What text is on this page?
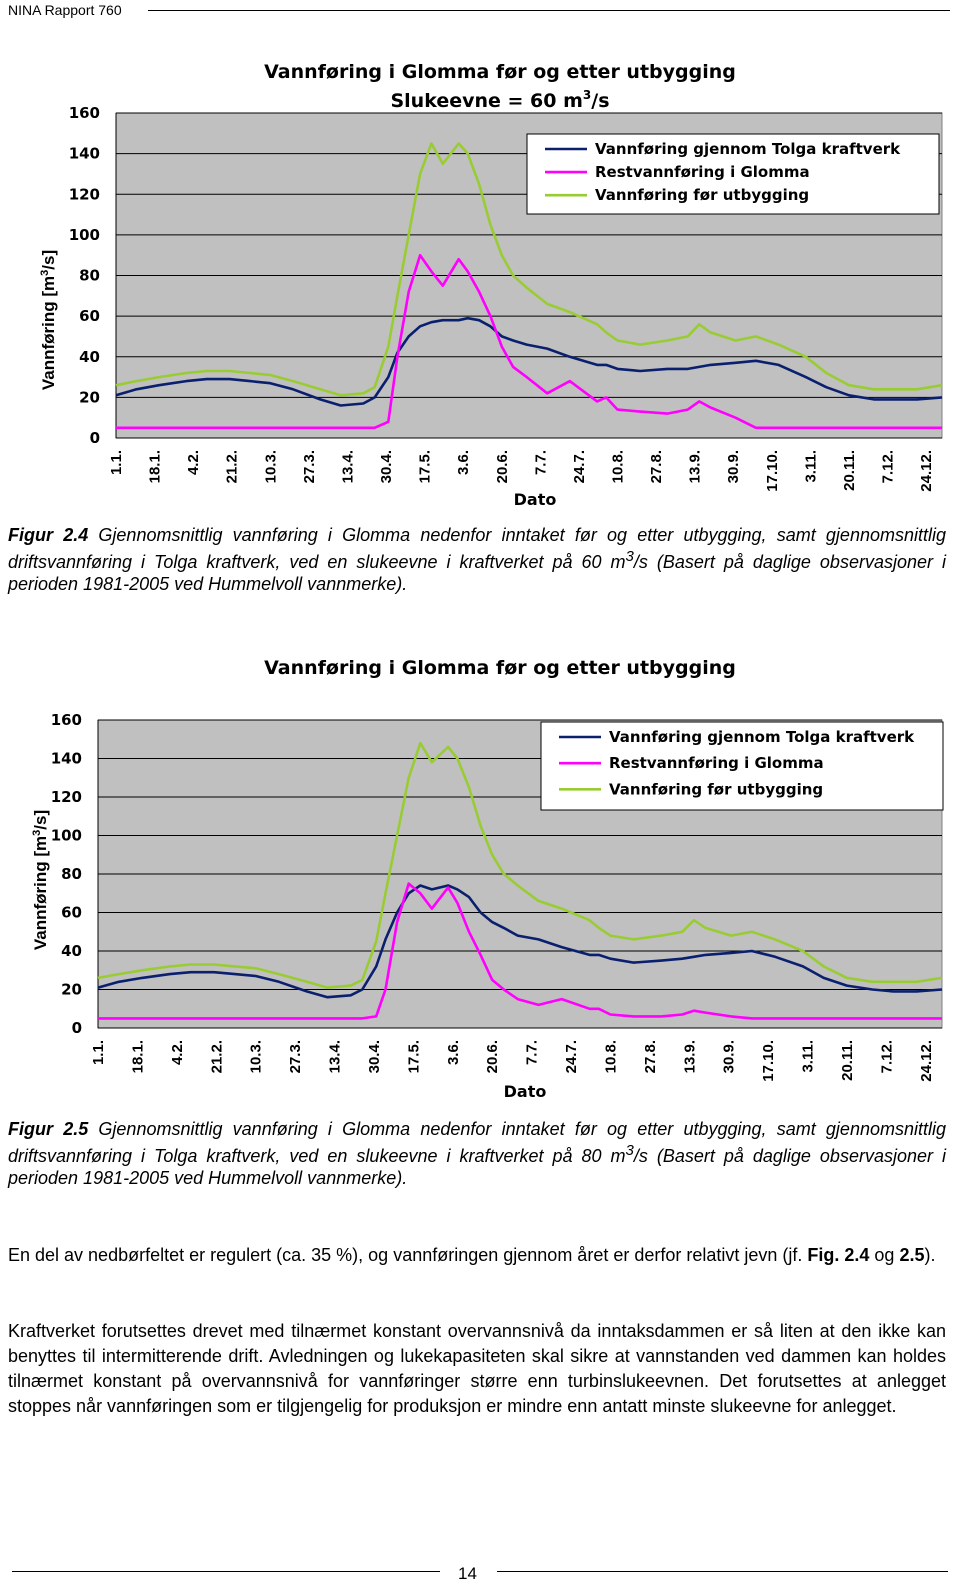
NINA Rapport 760
Vannføring i Glomma før og etter utbygging
Slukeevne = 60 $m^3/s$
Vannføring $[m^3/s]$
Dato
0
20
40
60
80
100
120
140
160
1.1. 18.1. 4.2. 21.2. 10.3. 27.3. 13.4. 30.4. 17.5. 3.6. 20.6. 7.7. 24.7. 10.8. 27.8. 13.9. 30.9. 17.10. 3.11. 20.11. 7.12. 24.12.
Vannføring gjennom Tolga kraftverk
Restvannføring i Glomma
Vannføring før utbygging
Figur 2.4 Gjennomsnittlig vannføring i Glomma nedenfor inntaket før og etter utbygging, samt gjennomsnittlig driftsvannføring i Tolga kraftverk, ved en slukeevne i kraftverket på 60 $m^3/s$ (Basert på daglige observasjoner i perioden 1981-2005 ved Hummelvoll vannmerke).
Vannføring i Glomma før og etter utbygging
Vannføring $[m^3/s]$
Dato
0
20
40
60
80
100
120
140
160
1.1. 18.1. 4.2. 21.2. 10.3. 27.3. 13.4. 30.4. 17.5. 3.6. 20.6. 7.7. 24.7. 10.8. 27.8. 13.9. 30.9. 17.10. 3.11. 20.11. 7.12. 24.12.
Vannføring gjennom Tolga kraftverk
Restvannføring i Glomma
Vannføring før utbygging
Figur 2.5 Gjennomsnittlig vannføring i Glomma nedenfor inntaket før og etter utbygging, samt gjennomsnittlig driftsvannføring i Tolga kraftverk, ved en slukeevne i kraftverket på 80 $m^3/s$ (Basert på daglige observasjoner i perioden 1981-2005 ved Hummelvoll vannmerke).
En del av nedbørfeltet er regulert (ca. 35 %), og vannføringen gjennom året er derfor relativt jevn (jf. Fig. 2.4 og 2.5).
Kraftverket forutsettes drevet med tilnærmet konstant overvannsnivå da inntaksdammen er så liten at den ikke kan benyttes til intermitterende drift. Avledningen og lukekapasiteten skal sikre at vannstanden ved dammen kan holdes tilnærmet konstant på overvannsnivå for vannføringer større enn turbinslukeevnen. Det forutsettes at anlegget stoppes når vannføringen som er tilgjengelig for produksjon er mindre enn antatt minste slukeevne for anlegget.
14
